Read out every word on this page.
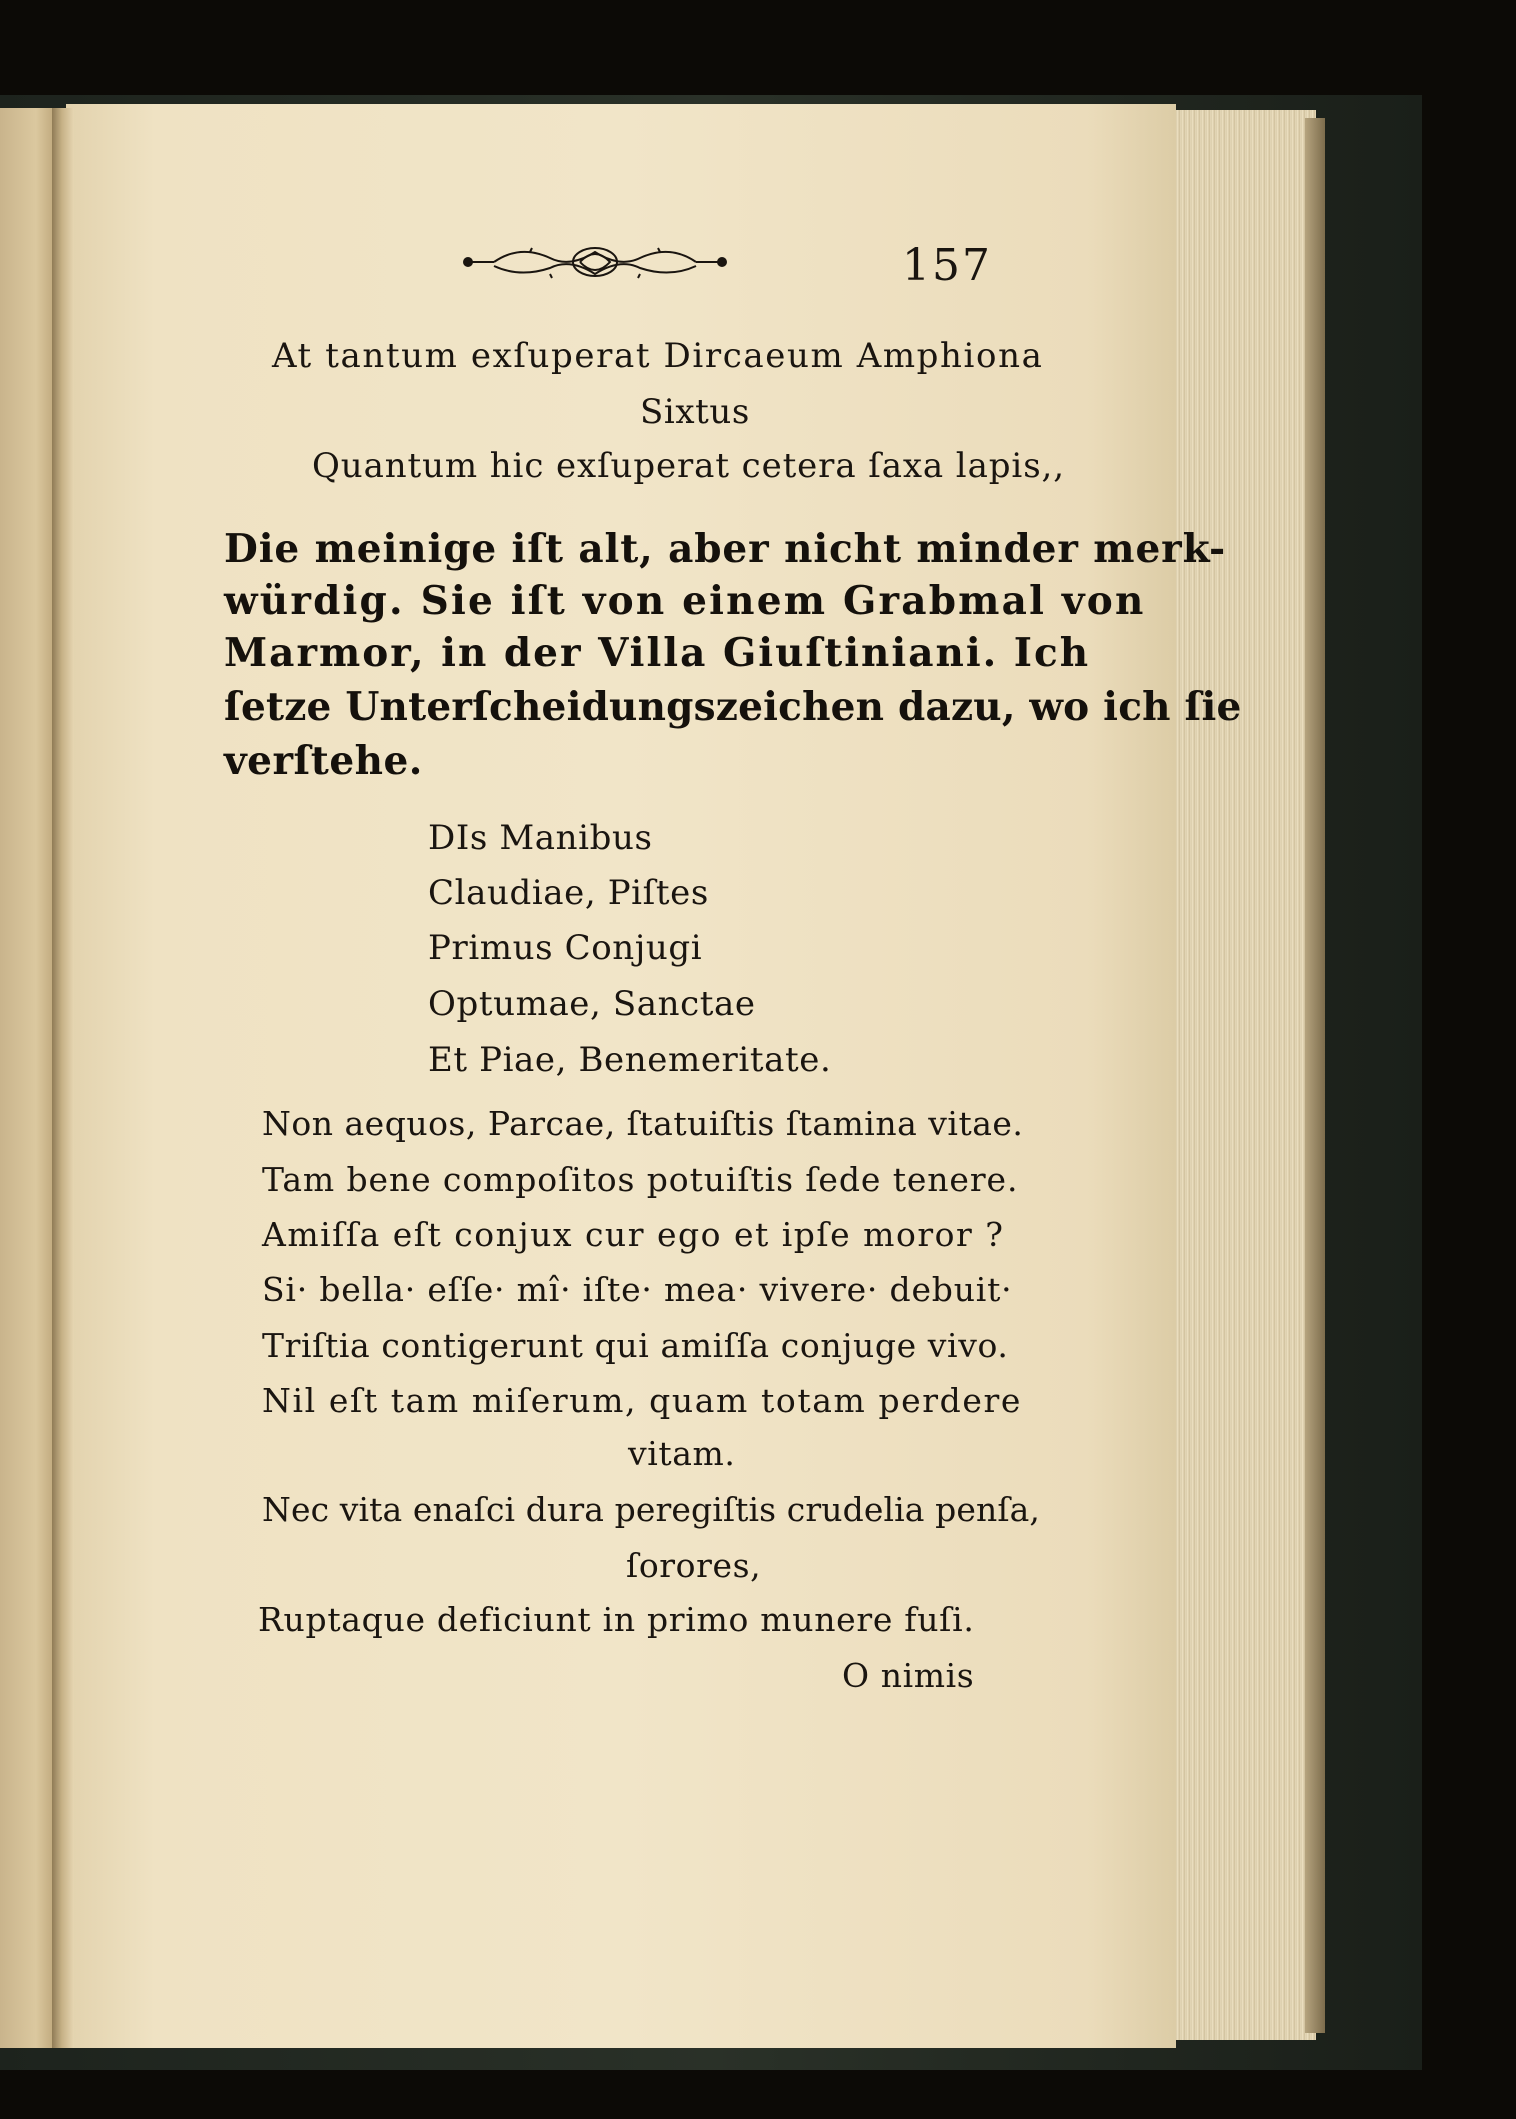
157
At tantum exſuperat Dircaeum Amphiona
Sixtus
Quantum hic exſuperat cetera ſaxa lapis,,
Die meinige iſt alt, aber nicht minder merk-
würdig. Sie iſt von einem Grabmal von
Marmor, in der Villa Giuſtiniani. Ich
ſetze Unterſcheidungszeichen dazu, wo ich ſie
verſtehe.
DIs Manibus
Claudiae, Piſtes
Primus Conjugi
Optumae, Sanctae
Et Piae, Benemeritate.
Non aequos, Parcae, ſtatuiſtis ſtamina vitae.
Tam bene compoſitos potuiſtis ſede tenere.
Amiſſa eſt conjux cur ego et ipſe moror ?
Si· bella· eſſe· mî· iſte· mea· vivere· debuit·
Triſtia contigerunt qui amiſſa conjuge vivo.
Nil eſt tam miſerum, quam totam perdere
vitam.
Nec vita enaſci dura peregiſtis crudelia penſa,
ſorores,
Ruptaque deficiunt in primo munere fuſi.
O nimis
